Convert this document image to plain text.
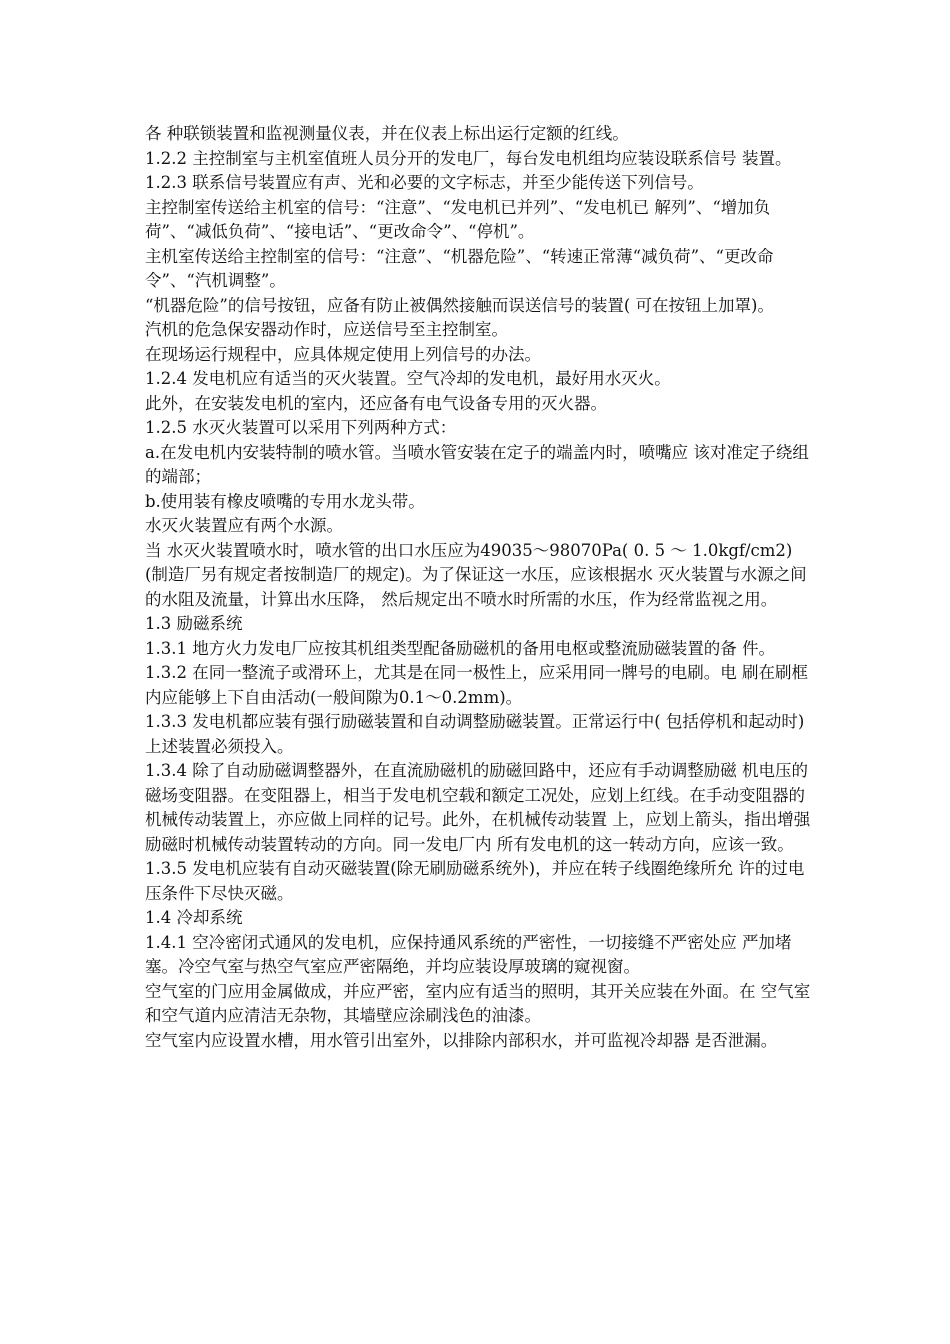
各 种联锁装置和监视测量仪表，并在仪表上标出运行定额的红线。

1.2.2 主控制室与主机室值班人员分开的发电厂，每台发电机组均应装设联系信号 装置。

1.2.3 联系信号装置应有声、光和必要的文字标志，并至少能传送下列信号。

主控制室传送给主机室的信号：“注意”、“发电机已并列”、“发电机已 解列”、“增加负荷”、“减低负荷”、“接电话”、“更改命令”、“停机”。

主机室传送给主控制室的信号：“注意”、“机器危险”、“转速正常薄“减负荷”、“更改命令”、“汽机调整”。

“机器危险”的信号按钮，应备有防止被偶然接触而误送信号的装置( 可在按钮上加罩)。

汽机的危急保安器动作时，应送信号至主控制室。

在现场运行规程中，应具体规定使用上列信号的办法。

1.2.4 发电机应有适当的灭火装置。空气冷却的发电机，最好用水灭火。

此外，在安装发电机的室内，还应备有电气设备专用的灭火器。

1.2.5 水灭火装置可以采用下列两种方式：

a.在发电机内安装特制的喷水管。当喷水管安装在定子的端盖内时，喷嘴应 该对准定子绕组的端部；

b.使用装有橡皮喷嘴的专用水龙头带。

水灭火装置应有两个水源。

当 水灭火装置喷水时，喷水管的出口水压应为49035～98070Pa( 0. 5 ～ 1.0kgf/cm2)(制造厂另有规定者按制造厂的规定)。为了保证这一水压，应该根据水 灭火装置与水源之间的水阻及流量，计算出水压降， 然后规定出不喷水时所需的水压，作为经常监视之用。

1.3 励磁系统

1.3.1 地方火力发电厂应按其机组类型配备励磁机的备用电枢或整流励磁装置的备 件。

1.3.2 在同一整流子或滑环上，尤其是在同一极性上，应采用同一牌号的电刷。电 刷在刷框内应能够上下自由活动(一般间隙为0.1～0.2mm)。

1.3.3 发电机都应装有强行励磁装置和自动调整励磁装置。正常运行中( 包括停机和起动时)上述装置必须投入。

1.3.4 除了自动励磁调整器外，在直流励磁机的励磁回路中，还应有手动调整励磁 机电压的磁场变阻器。在变阻器上，相当于发电机空载和额定工况处，应划上红线。在手动变阻器的机械传动装置上，亦应做上同样的记号。此外，在机械传动装置 上，应划上箭头，指出增强励磁时机械传动装置转动的方向。同一发电厂内 所有发电机的这一转动方向，应该一致。

1.3.5 发电机应装有自动灭磁装置(除无刷励磁系统外)，并应在转子线圈绝缘所允 许的过电压条件下尽快灭磁。

1.4 冷却系统

1.4.1 空冷密闭式通风的发电机，应保持通风系统的严密性，一切接缝不严密处应 严加堵塞。冷空气室与热空气室应严密隔绝，并均应装设厚玻璃的窥视窗。

空气室的门应用金属做成，并应严密，室内应有适当的照明，其开关应装在外面。在 空气室和空气道内应清洁无杂物，其墙壁应涂刷浅色的油漆。

空气室内应设置水槽，用水管引出室外，以排除内部积水，并可监视冷却器 是否泄漏。
